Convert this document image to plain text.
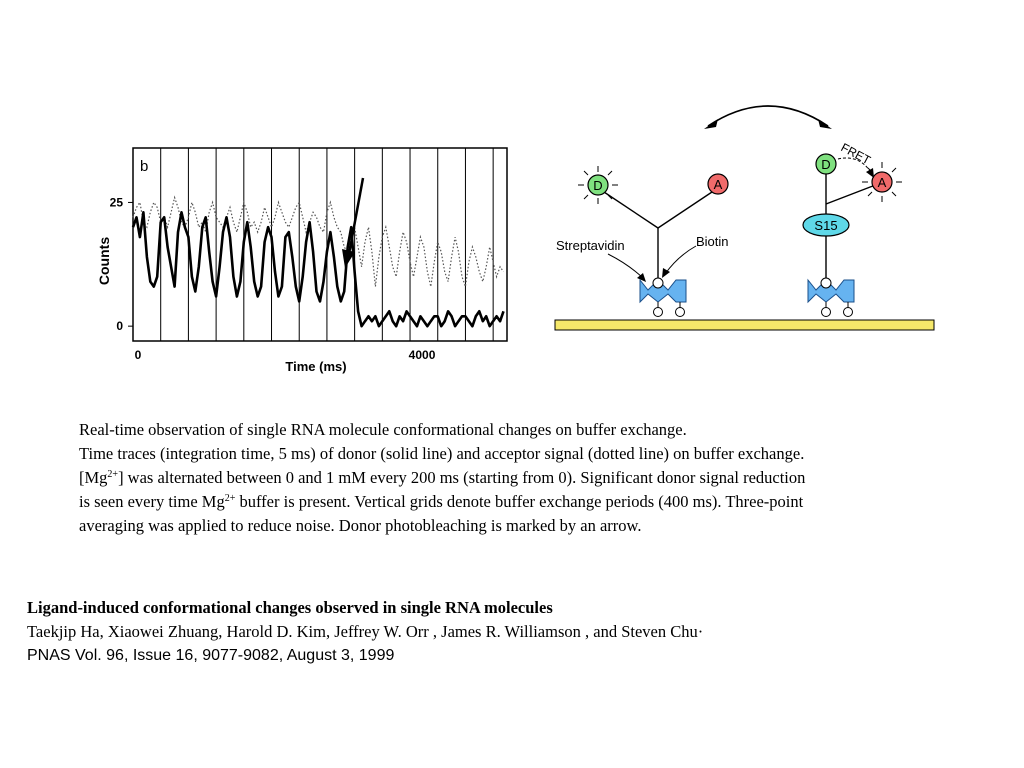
0
25
0	4000
b
Counts
Time (ms)
D	A
Streptavidin	Biotin
D
A
FRET
S15

Real-time observation of single RNA molecule conformational changes on buffer exchange.
Time traces (integration time, 5 ms) of donor (solid line) and acceptor signal (dotted line) on buffer exchange.
$[Mg^{2+}]$ was alternated between 0 and 1 mM every 200 ms (starting from 0). Significant donor signal reduction
is seen every time $Mg^{2+}$ buffer is present. Vertical grids denote buffer exchange periods (400 ms). Three-point
averaging was applied to reduce noise. Donor photobleaching is marked by an arrow.

Ligand-induced conformational changes observed in single RNA molecules
Taekjip Ha, Xiaowei Zhuang, Harold D. Kim, Jeffrey W. Orr , James R. Williamson , and Steven Chu·
PNAS Vol. 96, Issue 16, 9077-9082, August 3, 1999
